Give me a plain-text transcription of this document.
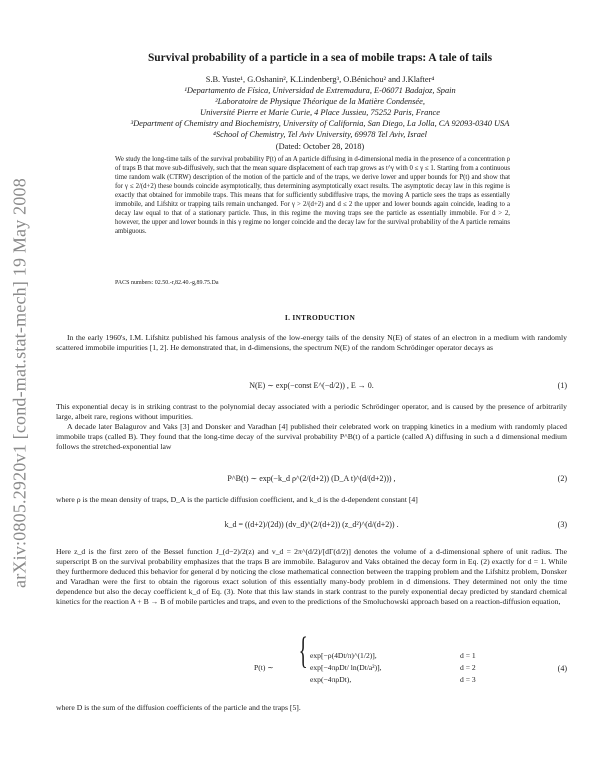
arXiv:0805.2920v1 [cond-mat.stat-mech] 19 May 2008
Survival probability of a particle in a sea of mobile traps: A tale of tails
S.B. Yuste¹, G.Oshanin², K.Lindenberg³, O.Bénichou² and J.Klafter⁴
¹Departamento de Física, Universidad de Extremadura, E-06071 Badajoz, Spain
²Laboratoire de Physique Théorique de la Matière Condensée,
Université Pierre et Marie Curie, 4 Place Jussieu, 75252 Paris, France
³Department of Chemistry and Biochemistry, University of California, San Diego, La Jolla, CA 92093-0340 USA
⁴School of Chemistry, Tel Aviv University, 69978 Tel Aviv, Israel
(Dated: October 28, 2018)
We study the long-time tails of the survival probability P(t) of an A particle diffusing in d-dimensional media in the presence of a concentration ρ of traps B that move sub-diffusively, such that the mean square displacement of each trap grows as t^γ with 0 ≤ γ ≤ 1. Starting from a continuous time random walk (CTRW) description of the motion of the particle and of the traps, we derive lower and upper bounds for P(t) and show that for γ ≤ 2/(d+2) these bounds coincide asymptotically, thus determining asymptotically exact results. The asymptotic decay law in this regime is exactly that obtained for immobile traps. This means that for sufficiently subdiffusive traps, the moving A particle sees the traps as essentially immobile, and Lifshitz or trapping tails remain unchanged. For γ > 2/(d+2) and d ≤ 2 the upper and lower bounds again coincide, leading to a decay law equal to that of a stationary particle. Thus, in this regime the moving traps see the particle as essentially immobile. For d > 2, however, the upper and lower bounds in this γ regime no longer coincide and the decay law for the survival probability of the A particle remains ambiguous.
PACS numbers: 02.50.-r,82.40.-g,89.75.Da
I. INTRODUCTION

In the early 1960's, I.M. Lifshitz published his famous analysis of the low-energy tails of the density N(E) of states of an electron in a medium with randomly scattered immobile impurities [1, 2]. He demonstrated that, in d-dimensions, the spectrum N(E) of the random Schrödinger operator decays as

N(E) ∼ exp(−const E^(−d/2)) , E → 0.	(1)

This exponential decay is in striking contrast to the polynomial decay associated with a periodic Schrödinger operator, and is caused by the presence of arbitrarily large, albeit rare, regions without impurities.

A decade later Balagurov and Vaks [3] and Donsker and Varadhan [4] published their celebrated work on trapping kinetics in a medium with randomly placed immobile traps (called B). They found that the long-time decay of the survival probability P^B(t) of a particle (called A) diffusing in such a d dimensional medium follows the stretched-exponential law

P^B(t) ∼ exp(−k_d ρ^(2/(d+2)) (D_A t)^(d/(d+2))) ,	(2)

where ρ is the mean density of traps, D_A is the particle diffusion coefficient, and k_d is the d-dependent constant [4]

k_d = ((d+2)/(2d)) (dv_d)^(2/(d+2)) (z_d²)^(d/(d+2)) .	(3)

Here z_d is the first zero of the Bessel function J_(d−2)/2(z) and v_d = 2π^(d/2)/[dΓ(d/2)] denotes the volume of a d-dimensional sphere of unit radius. The superscript B on the survival probability emphasizes that the traps B are immobile. Balagurov and Vaks obtained the decay form in Eq. (2) exactly for d = 1. While they furthermore deduced this behavior for general d by noticing the close mathematical connection between the trapping problem and the Lifshitz problem, Donsker and Varadhan were the first to obtain the rigorous exact solution of this essentially many-body problem in d dimensions. They determined not only the time dependence but also the decay coefficient k_d of Eq. (3). Note that this law stands in stark contrast to the purely exponential decay predicted by standard chemical kinetics for the reaction A + B → B of mobile particles and traps, and even to the predictions of the Smoluchowski approach based on a reaction-diffusion equation,

P(t) ∼ { exp[−ρ(4Dt/π)^(1/2)],	d = 1
exp[−4πρDt/ ln(Dt/a²)],	d = 2
exp(−4πρDt),	d = 3
(4)

where D is the sum of the diffusion coefficients of the particle and the traps [5].
